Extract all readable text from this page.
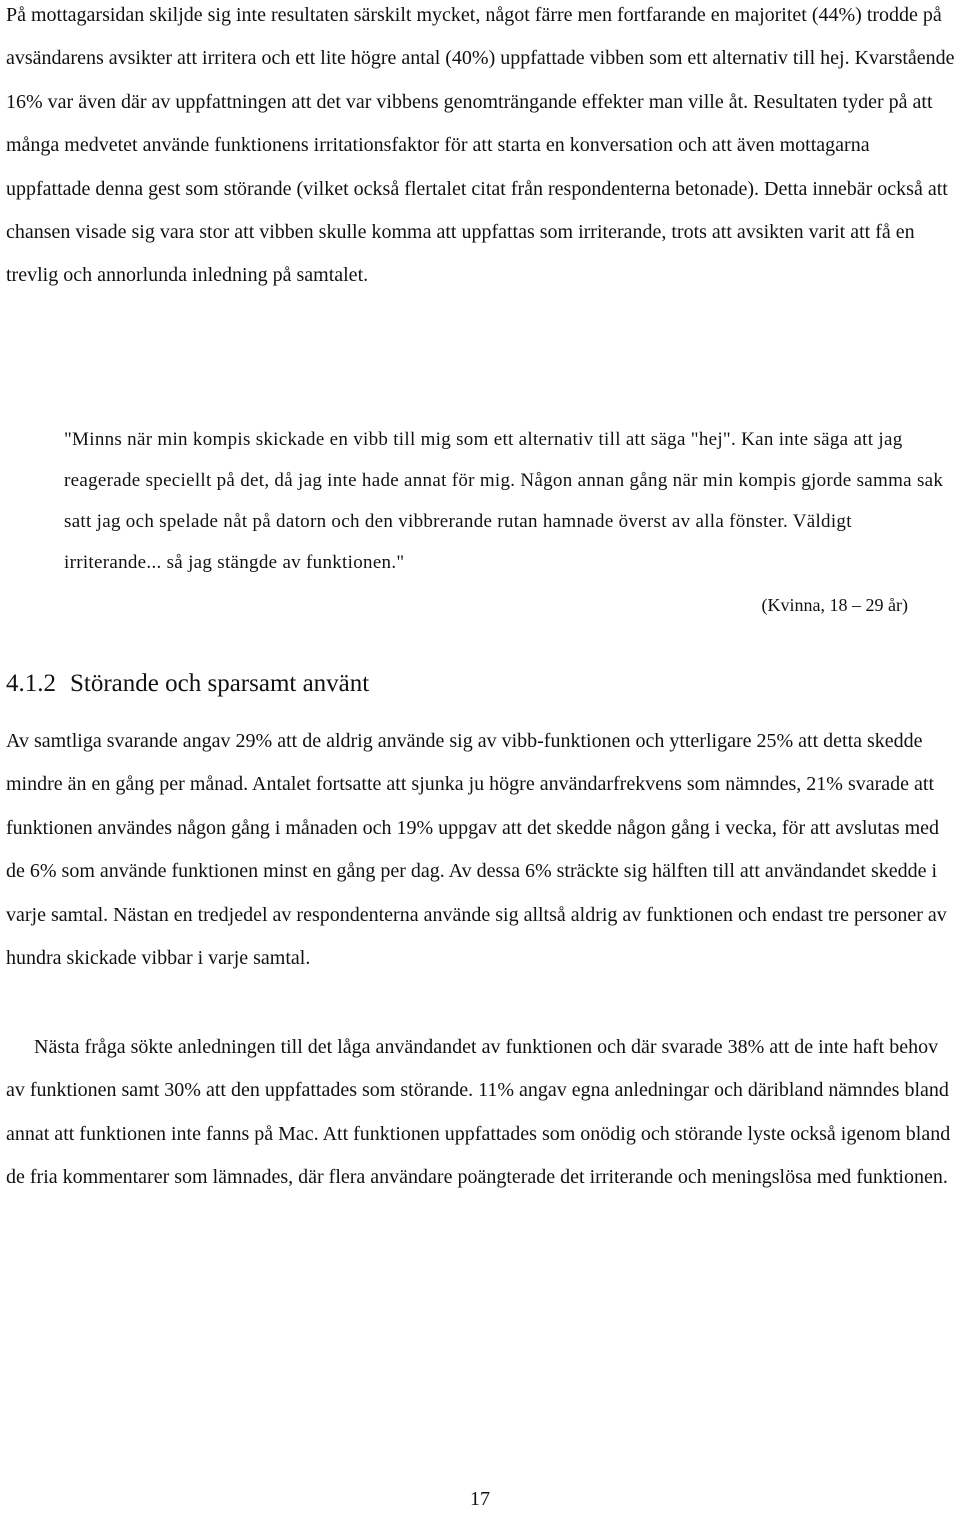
På mottagarsidan skiljde sig inte resultaten särskilt mycket, något färre men fortfarande en majoritet (44%) trodde på avsändarens avsikter att irritera och ett lite högre antal (40%) uppfattade vibben som ett alternativ till hej. Kvarstående 16% var även där av uppfattningen att det var vibbens genomträngande effekter man ville åt. Resultaten tyder på att många medvetet använde funktionens irritationsfaktor för att starta en konversation och att även mottagarna uppfattade denna gest som störande (vilket också flertalet citat från respondenterna betonade). Detta innebär också att chansen visade sig vara stor att vibben skulle komma att uppfattas som irriterande, trots att avsikten varit att få en trevlig och annorlunda inledning på samtalet.

"Minns när min kompis skickade en vibb till mig som ett alternativ till att säga "hej". Kan inte säga att jag reagerade speciellt på det, då jag inte hade annat för mig. Någon annan gång när min kompis gjorde samma sak satt jag och spelade nåt på datorn och den vibbrerande rutan hamnade överst av alla fönster. Väldigt irriterande... så jag stängde av funktionen."

(Kvinna, 18 – 29 år)

4.1.2 Störande och sparsamt använt

Av samtliga svarande angav 29% att de aldrig använde sig av vibb-funktionen och ytterligare 25% att detta skedde mindre än en gång per månad. Antalet fortsatte att sjunka ju högre användarfrekvens som nämndes, 21% svarade att funktionen användes någon gång i månaden och 19% uppgav att det skedde någon gång i vecka, för att avslutas med de 6% som använde funktionen minst en gång per dag. Av dessa 6% sträckte sig hälften till att användandet skedde i varje samtal. Nästan en tredjedel av respondenterna använde sig alltså aldrig av funktionen och endast tre personer av hundra skickade vibbar i varje samtal.

Nästa fråga sökte anledningen till det låga användandet av funktionen och där svarade 38% att de inte haft behov av funktionen samt 30% att den uppfattades som störande. 11% angav egna anledningar och däribland nämndes bland annat att funktionen inte fanns på Mac. Att funktionen uppfattades som onödig och störande lyste också igenom bland de fria kommentarer som lämnades, där flera användare poängterade det irriterande och meningslösa med funktionen.

17
